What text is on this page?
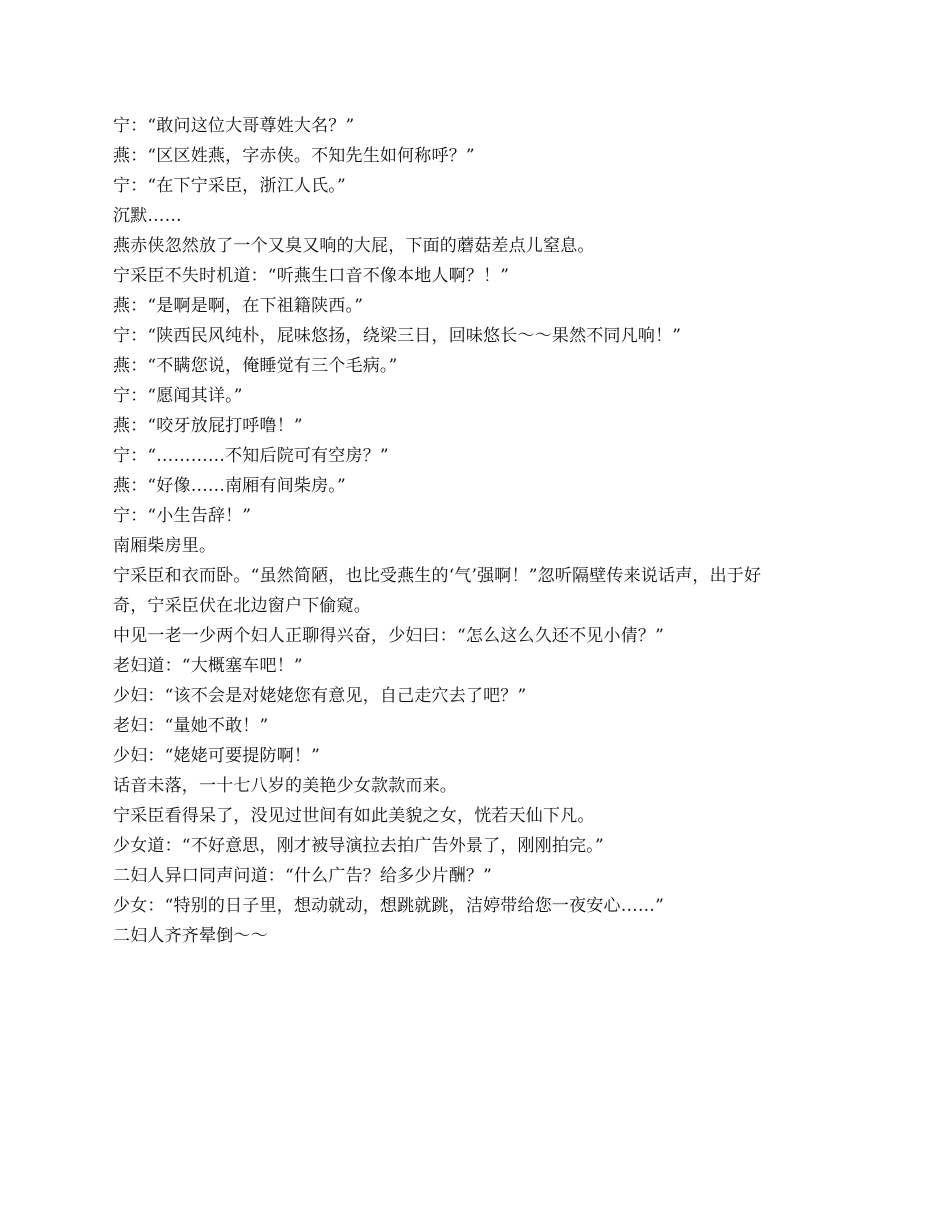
宁：“敢问这位大哥尊姓大名？”

燕：“区区姓燕，字赤侠。不知先生如何称呼？”

宁：“在下宁采臣，浙江人氏。”

沉默……

燕赤侠忽然放了一个又臭又响的大屁，下面的蘑菇差点儿窒息。

宁采臣不失时机道：“听燕生口音不像本地人啊？！”

燕：“是啊是啊，在下祖籍陕西。”

宁：“陕西民风纯朴，屁味悠扬，绕梁三日，回味悠长～～果然不同凡响！”

燕：“不瞒您说，俺睡觉有三个毛病。”

宁：“愿闻其详。”

燕：“咬牙放屁打呼噜！”

宁：“…………不知后院可有空房？”

燕：“好像……南厢有间柴房。”

宁：“小生告辞！”

南厢柴房里。

宁采臣和衣而卧。“虽然简陋，也比受燕生的‘气’强啊！”忽听隔壁传来说话声，出于好奇，宁采臣伏在北边窗户下偷窥。

中见一老一少两个妇人正聊得兴奋，少妇曰：“怎么这么久还不见小倩？”

老妇道：“大概塞车吧！”

少妇：“该不会是对姥姥您有意见，自己走穴去了吧？”

老妇：“量她不敢！”

少妇：“姥姥可要提防啊！”

话音未落，一十七八岁的美艳少女款款而来。

宁采臣看得呆了，没见过世间有如此美貌之女，恍若天仙下凡。

少女道：“不好意思，刚才被导演拉去拍广告外景了，刚刚拍完。”

二妇人异口同声问道：“什么广告？给多少片酬？”

少女：“特别的日子里，想动就动，想跳就跳，洁婷带给您一夜安心……”

二妇人齐齐晕倒～～
